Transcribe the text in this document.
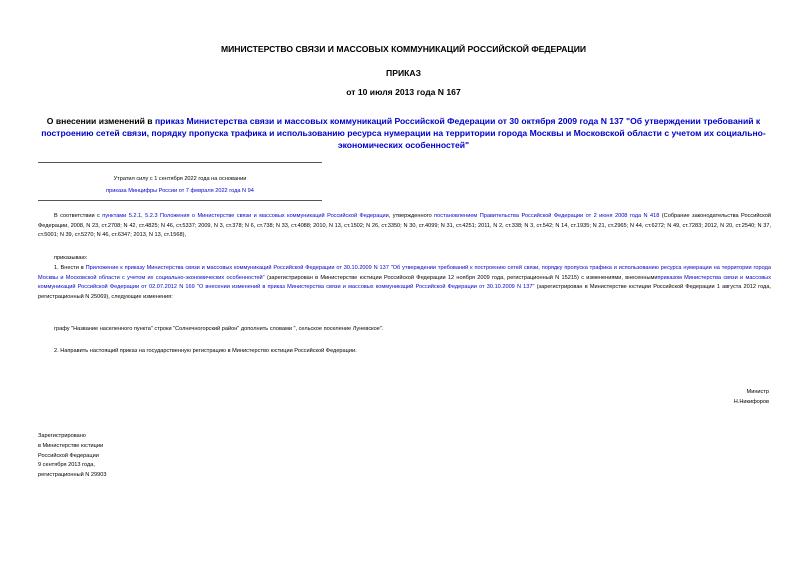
МИНИСТЕРСТВО СВЯЗИ И МАССОВЫХ КОММУНИКАЦИЙ РОССИЙСКОЙ ФЕДЕРАЦИИ
ПРИКАЗ
от 10 июля 2013 года N 167
О внесении изменений в приказ Министерства связи и массовых коммуникаций Российской Федерации от 30 октября 2009 года N 137 "Об утверждении требований к построению сетей связи, порядку пропуска трафика и использованию ресурса нумерации на территории города Москвы и Московской области с учетом их социально-экономических особенностей"
Утратил силу с 1 сентября 2022 года на основании
приказа Минцифры России от 7 февраля 2022 года N 94
В соответствии с пунктами 5.2.1, 5.2.3 Положения о Министерстве связи и массовых коммуникаций Российской Федерации, утвержденного постановлением Правительства Российской Федерации от 2 июня 2008 года N 418 (Собрание законодательства Российской Федерации, 2008, N 23, ст.2708; N 42, ст.4825; N 46, ст.5337; 2009, N 3, ст.378; N 6, ст.738; N 33, ст.4088; 2010, N 13, ст.1502; N 26, ст.3350; N 30, ст.4099; N 31, ст.4251; 2011, N 2, ст.338; N 3, ст.542; N 14, ст.1935; N 21, ст.2965; N 44, ст.6272; N 49, ст.7283; 2012, N 20, ст.2540; N 37, ст.5001; N 39, ст.5270; N 46, ст.6347; 2013, N 13, ст.1568),
приказываю:
1. Внести в Приложение к приказу Министерства связи и массовых коммуникаций Российской Федерации от 30.10.2009 N 137 "Об утверждении требований к построению сетей связи, порядку пропуска трафика и использованию ресурса нумерации на территории города Москвы и Московской области с учетом их социально-экономических особенностей" (зарегистрирован в Министерстве юстиции Российской Федерации 12 ноября 2009 года, регистрационный N 15215) с изменениями, внесеннымиприказом Министерства связи и массовых коммуникаций Российской Федерации от 02.07.2012 N 169 "О внесении изменений в приказ Министерства связи и массовых коммуникаций Российской Федерации от 30.10.2009 N 137" (зарегистрирован в Министерстве юстиции Российской Федерации 1 августа 2012 года, регистрационный N 25069), следующие изменения:
графу "Название населенного пункта" строки "Солнечногорский район" дополнить словами ", сельское поселение Луневское".
2. Направить настоящий приказ на государственную регистрацию в Министерство юстиции Российской Федерации.
Министр
Н.Никифоров
Зарегистрировано
в Министерстве юстиции
Российской Федерации
9 сентября 2013 года,
регистрационный N 29903
